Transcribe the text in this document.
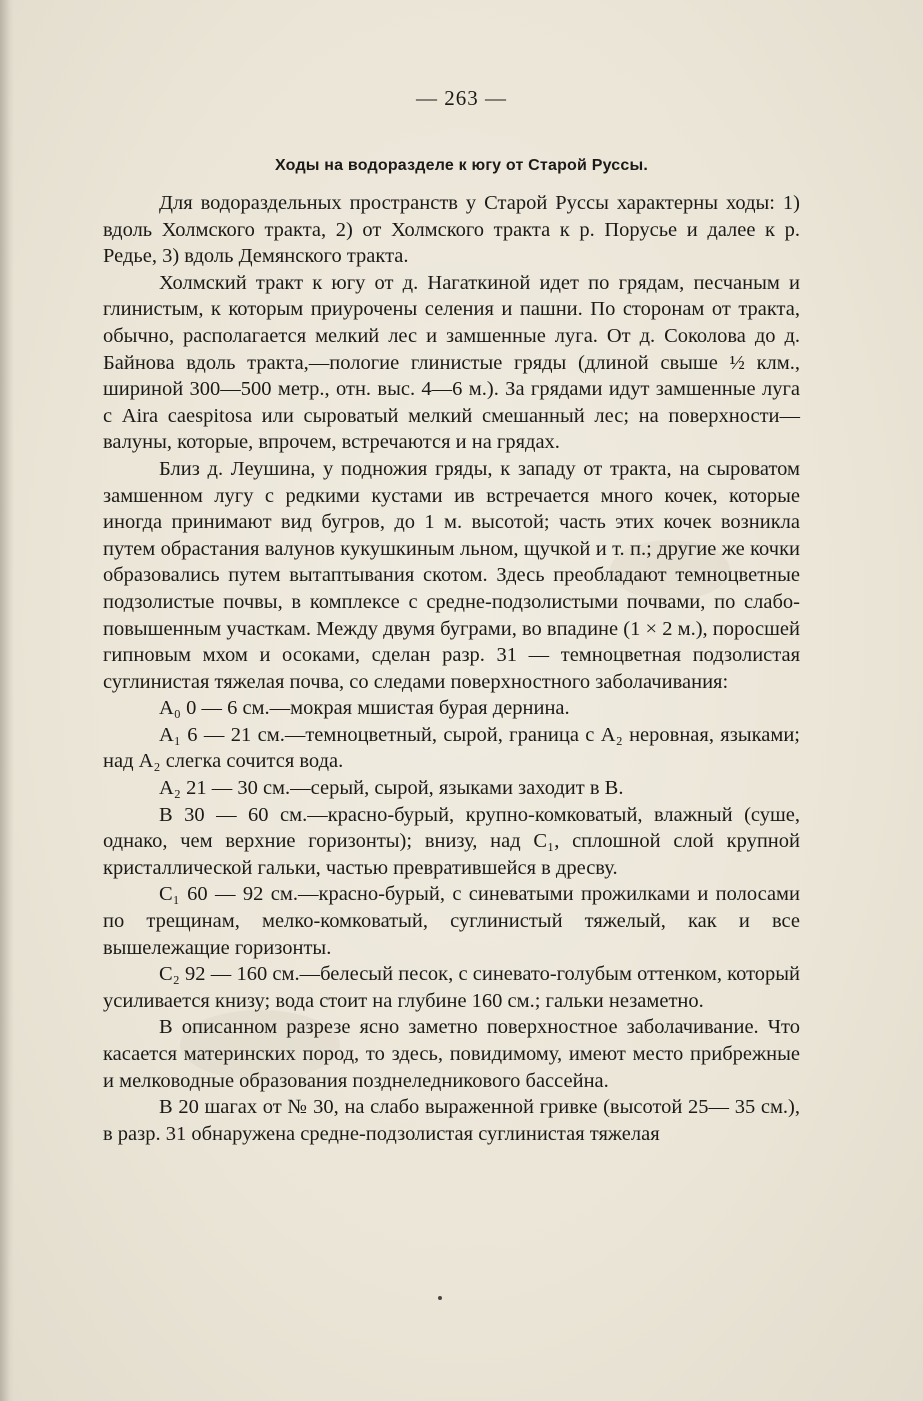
— 263 —
Ходы на водоразделе к югу от Старой Руссы.

Для водораздельных пространств у Старой Руссы характерны ходы: 1) вдоль Холмского тракта, 2) от Холмского тракта к р. Порусье и далее к р. Редье, 3) вдоль Демянского тракта.

Холмский тракт к югу от д. Нагаткиной идет по грядам, песчаным и глинистым, к которым приурочены селения и пашни. По сторонам от тракта, обычно, располагается мелкий лес и замшенные луга. От д. Соколова до д. Байнова вдоль тракта,—пологие глинистые гряды (длиной свыше ½ клм., шириной 300—500 метр., отн. выс. 4—6 м.). За грядами идут замшенные луга с Aira caespitosa или сыроватый мелкий смешанный лес; на поверхности—валуны, которые, впрочем, встречаются и на грядах.

Близ д. Леушина, у подножия гряды, к западу от тракта, на сыроватом замшенном лугу с редкими кустами ив встречается много кочек, которые иногда принимают вид бугров, до 1 м. высотой; часть этих кочек возникла путем обрастания валунов кукушкиным льном, щучкой и т. п.; другие же кочки образовались путем вытаптывания скотом. Здесь преобладают темноцветные подзолистые почвы, в комплексе с средне-подзолистыми почвами, по слабо-повышенным участкам. Между двумя буграми, во впадине (1 × 2 м.), поросшей гипновым мхом и осоками, сделан разр. 31 — темноцветная подзолистая суглинистая тяжелая почва, со следами поверхностного заболачивания:

A₀ 0 — 6 см.—мокрая мшистая бурая дернина.

A₁ 6 — 21 см.—темноцветный, сырой, граница с A₂ неровная, языками; над A₂ слегка сочится вода.

A₂ 21 — 30 см.—серый, сырой, языками заходит в B.

B 30 — 60 см.—красно-бурый, крупно-комковатый, влажный (суше, однако, чем верхние горизонты); внизу, над C₁, сплошной слой крупной кристаллической гальки, частью превратившейся в дресву.

C₁ 60 — 92 см.—красно-бурый, с синеватыми прожилками и полосами по трещинам, мелко-комковатый, суглинистый тяжелый, как и все вышележащие горизонты.

C₂ 92 — 160 см.—белесый песок, с синевато-голубым оттенком, который усиливается книзу; вода стоит на глубине 160 см.; гальки незаметно.

В описанном разрезе ясно заметно поверхностное заболачивание. Что касается материнских пород, то здесь, повидимому, имеют место прибрежные и мелководные образования позднеледникового бассейна.

В 20 шагах от № 30, на слабо выраженной гривке (высотой 25— 35 см.), в разр. 31 обнаружена средне-подзолистая суглинистая тяжелая
